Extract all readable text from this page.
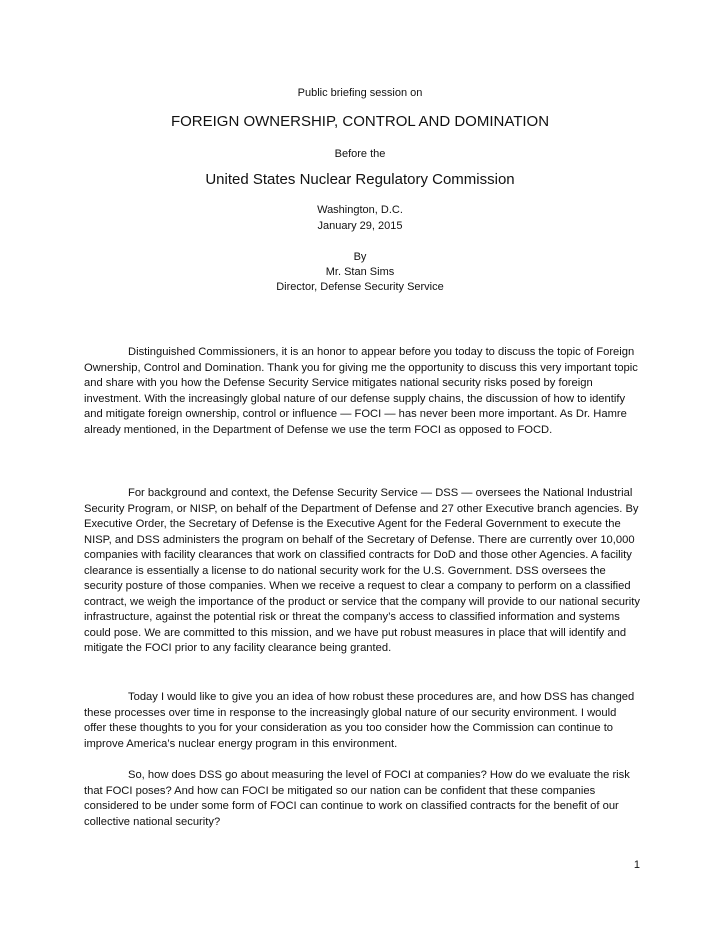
Public briefing session on
FOREIGN OWNERSHIP, CONTROL AND DOMINATION
Before the
United States Nuclear Regulatory Commission
Washington, D.C.
January 29, 2015
By
Mr. Stan Sims
Director, Defense Security Service

Distinguished Commissioners, it is an honor to appear before you today to discuss the topic of Foreign Ownership, Control and Domination. Thank you for giving me the opportunity to discuss this very important topic and share with you how the Defense Security Service mitigates national security risks posed by foreign investment. With the increasingly global nature of our defense supply chains, the discussion of how to identify and mitigate foreign ownership, control or influence — FOCI — has never been more important. As Dr. Hamre already mentioned, in the Department of Defense we use the term FOCI as opposed to FOCD.

For background and context, the Defense Security Service — DSS — oversees the National Industrial Security Program, or NISP, on behalf of the Department of Defense and 27 other Executive branch agencies. By Executive Order, the Secretary of Defense is the Executive Agent for the Federal Government to execute the NISP, and DSS administers the program on behalf of the Secretary of Defense. There are currently over 10,000 companies with facility clearances that work on classified contracts for DoD and those other Agencies. A facility clearance is essentially a license to do national security work for the U.S. Government. DSS oversees the security posture of those companies. When we receive a request to clear a company to perform on a classified contract, we weigh the importance of the product or service that the company will provide to our national security infrastructure, against the potential risk or threat the company’s access to classified information and systems could pose. We are committed to this mission, and we have put robust measures in place that will identify and mitigate the FOCI prior to any facility clearance being granted.

Today I would like to give you an idea of how robust these procedures are, and how DSS has changed these processes over time in response to the increasingly global nature of our security environment. I would offer these thoughts to you for your consideration as you too consider how the Commission can continue to improve America’s nuclear energy program in this environment.

So, how does DSS go about measuring the level of FOCI at companies? How do we evaluate the risk that FOCI poses? And how can FOCI be mitigated so our nation can be confident that these companies considered to be under some form of FOCI can continue to work on classified contracts for the benefit of our collective national security?

1
